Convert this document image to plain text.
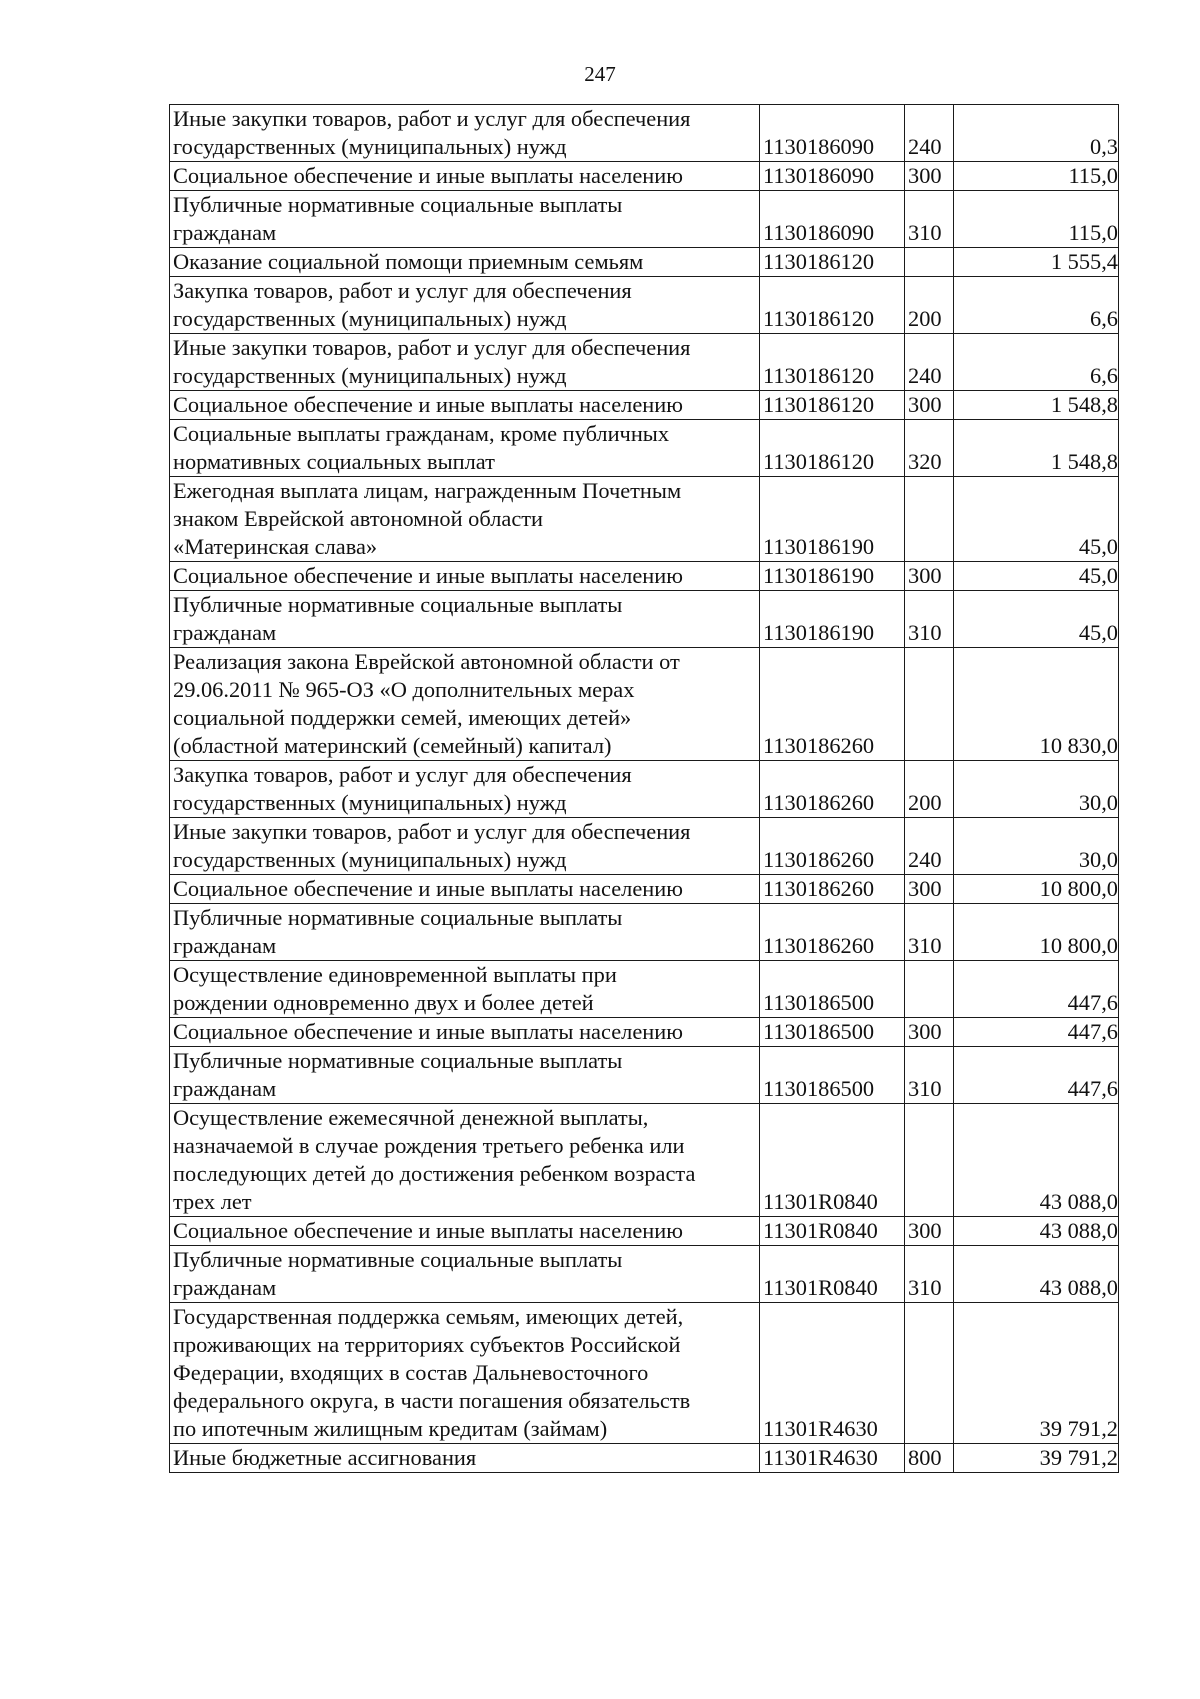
247
Иные закупки товаров, работ и услуг для обеспечения
государственных (муниципальных) нужд	1130186090	240	0,3

Социальное обеспечение и иные выплаты населению	1130186090	300	115,0

Публичные нормативные социальные выплаты
гражданам	1130186090	310	115,0

Оказание социальной помощи приемным семьям	1130186120		1 555,4

Закупка товаров, работ и услуг для обеспечения
государственных (муниципальных) нужд	1130186120	200	6,6

Иные закупки товаров, работ и услуг для обеспечения
государственных (муниципальных) нужд	1130186120	240	6,6

Социальное обеспечение и иные выплаты населению	1130186120	300	1 548,8

Социальные выплаты гражданам, кроме публичных
нормативных социальных выплат	1130186120	320	1 548,8

Ежегодная выплата лицам, награжденным Почетным
знаком Еврейской автономной области
«Материнская слава»	1130186190		45,0

Социальное обеспечение и иные выплаты населению	1130186190	300	45,0

Публичные нормативные социальные выплаты
гражданам	1130186190	310	45,0

Реализация закона Еврейской автономной области от
29.06.2011 № 965-ОЗ «О дополнительных мерах
социальной поддержки семей, имеющих детей»
(областной материнский (семейный) капитал)	1130186260		10 830,0

Закупка товаров, работ и услуг для обеспечения
государственных (муниципальных) нужд	1130186260	200	30,0

Иные закупки товаров, работ и услуг для обеспечения
государственных (муниципальных) нужд	1130186260	240	30,0

Социальное обеспечение и иные выплаты населению	1130186260	300	10 800,0

Публичные нормативные социальные выплаты
гражданам	1130186260	310	10 800,0

Осуществление единовременной выплаты при
рождении одновременно двух и более детей	1130186500		447,6

Социальное обеспечение и иные выплаты населению	1130186500	300	447,6

Публичные нормативные социальные выплаты
гражданам	1130186500	310	447,6

Осуществление ежемесячной денежной выплаты,
назначаемой в случае рождения третьего ребенка или
последующих детей до достижения ребенком возраста
трех лет	11301R0840		43 088,0

Социальное обеспечение и иные выплаты населению	11301R0840	300	43 088,0

Публичные нормативные социальные выплаты
гражданам	11301R0840	310	43 088,0

Государственная поддержка семьям, имеющих детей,
проживающих на территориях субъектов Российской
Федерации, входящих в состав Дальневосточного
федерального округа, в части погашения обязательств
по ипотечным жилищным кредитам (займам)	11301R4630		39 791,2

Иные бюджетные ассигнования	11301R4630	800	39 791,2
